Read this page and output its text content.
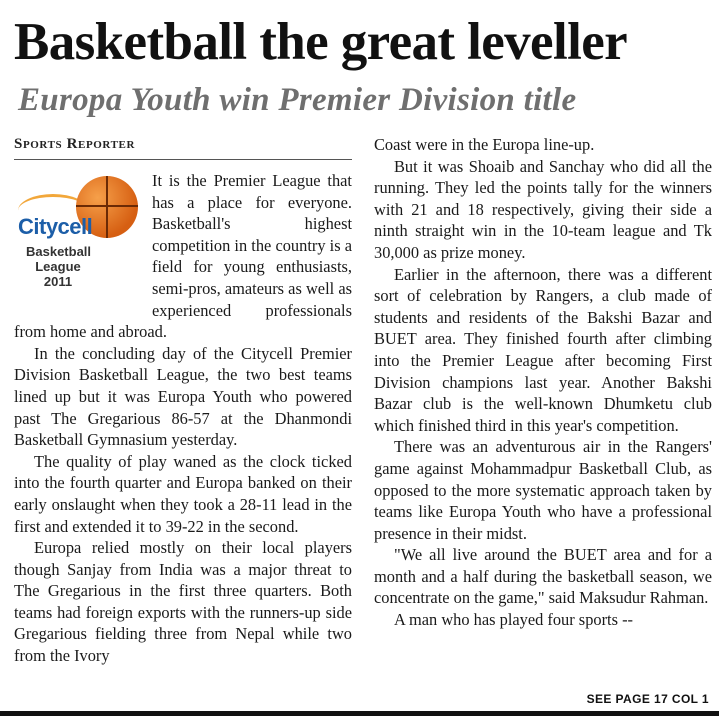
Basketball the great leveller
Europa Youth win Premier Division title
Sports Reporter
Citycell
Basketball
League
2011

It is the Premier League that has a place for everyone. Basketball's highest competition in the country is a field for young enthusiasts, semi-pros, amateurs as well as experienced professionals from home and abroad.

In the concluding day of the Citycell Premier Division Basketball League, the two best teams lined up but it was Europa Youth who powered past The Gregarious 86-57 at the Dhanmondi Basketball Gymnasium yesterday.

The quality of play waned as the clock ticked into the fourth quarter and Europa banked on their early onslaught when they took a 28-11 lead in the first and extended it to 39-22 in the second.

Europa relied mostly on their local players though Sanjay from India was a major threat to The Gregarious in the first three quarters. Both teams had foreign exports with the runners-up side Gregarious fielding three from Nepal while two from the Ivory

Coast were in the Europa line-up.

But it was Shoaib and Sanchay who did all the running. They led the points tally for the winners with 21 and 18 respectively, giving their side a ninth straight win in the 10-team league and Tk 30,000 as prize money.

Earlier in the afternoon, there was a different sort of celebration by Rangers, a club made of students and residents of the Bakshi Bazar and BUET area. They finished fourth after climbing into the Premier League after becoming First Division champions last year. Another Bakshi Bazar club is the well-known Dhumketu club which finished third in this year's competition.

There was an adventurous air in the Rangers' game against Mohammadpur Basketball Club, as opposed to the more systematic approach taken by teams like Europa Youth who have a professional presence in their midst.

"We all live around the BUET area and for a month and a half during the basketball season, we concentrate on the game," said Maksudur Rahman.

A man who has played four sports --

SEE PAGE 17 COL 1
